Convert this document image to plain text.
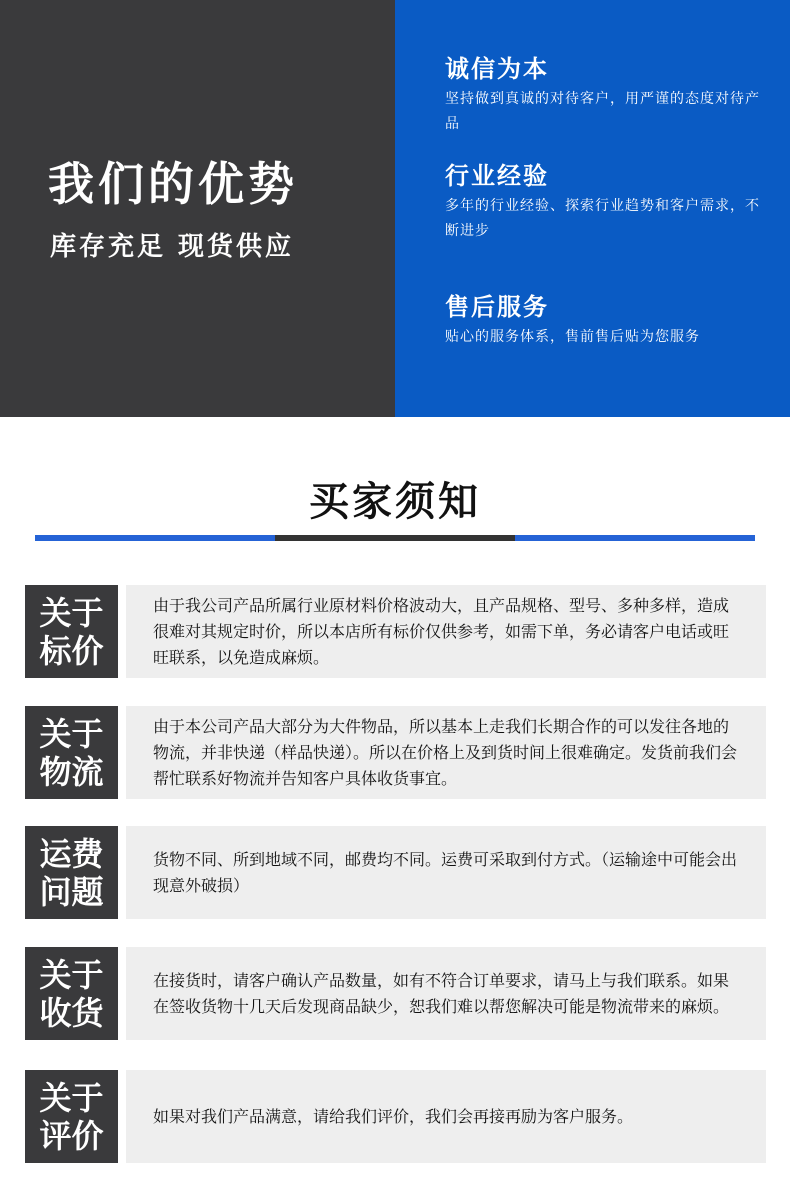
我们的优势
库存充足 现货供应
诚信为本
坚持做到真诚的对待客户，用严谨的态度对待产品
行业经验
多年的行业经验、探索行业趋势和客户需求，不断进步
售后服务
贴心的服务体系，售前售后贴为您服务
买家须知
关于
标价
由于我公司产品所属行业原材料价格波动大，且产品规格、型号、多种多样，造成很难对其规定时价，所以本店所有标价仅供参考，如需下单，务必请客户电话或旺旺联系，以免造成麻烦。
关于
物流
由于本公司产品大部分为大件物品，所以基本上走我们长期合作的可以发往各地的物流，并非快递（样品快递）。所以在价格上及到货时间上很难确定。发货前我们会帮忙联系好物流并告知客户具体收货事宜。
运费
问题
货物不同、所到地域不同，邮费均不同。运费可采取到付方式。（运输途中可能会出现意外破损）
关于
收货
在接货时，请客户确认产品数量，如有不符合订单要求，请马上与我们联系。如果在签收货物十几天后发现商品缺少，恕我们难以帮您解决可能是物流带来的麻烦。
关于
评价
如果对我们产品满意，请给我们评价，我们会再接再励为客户服务。
